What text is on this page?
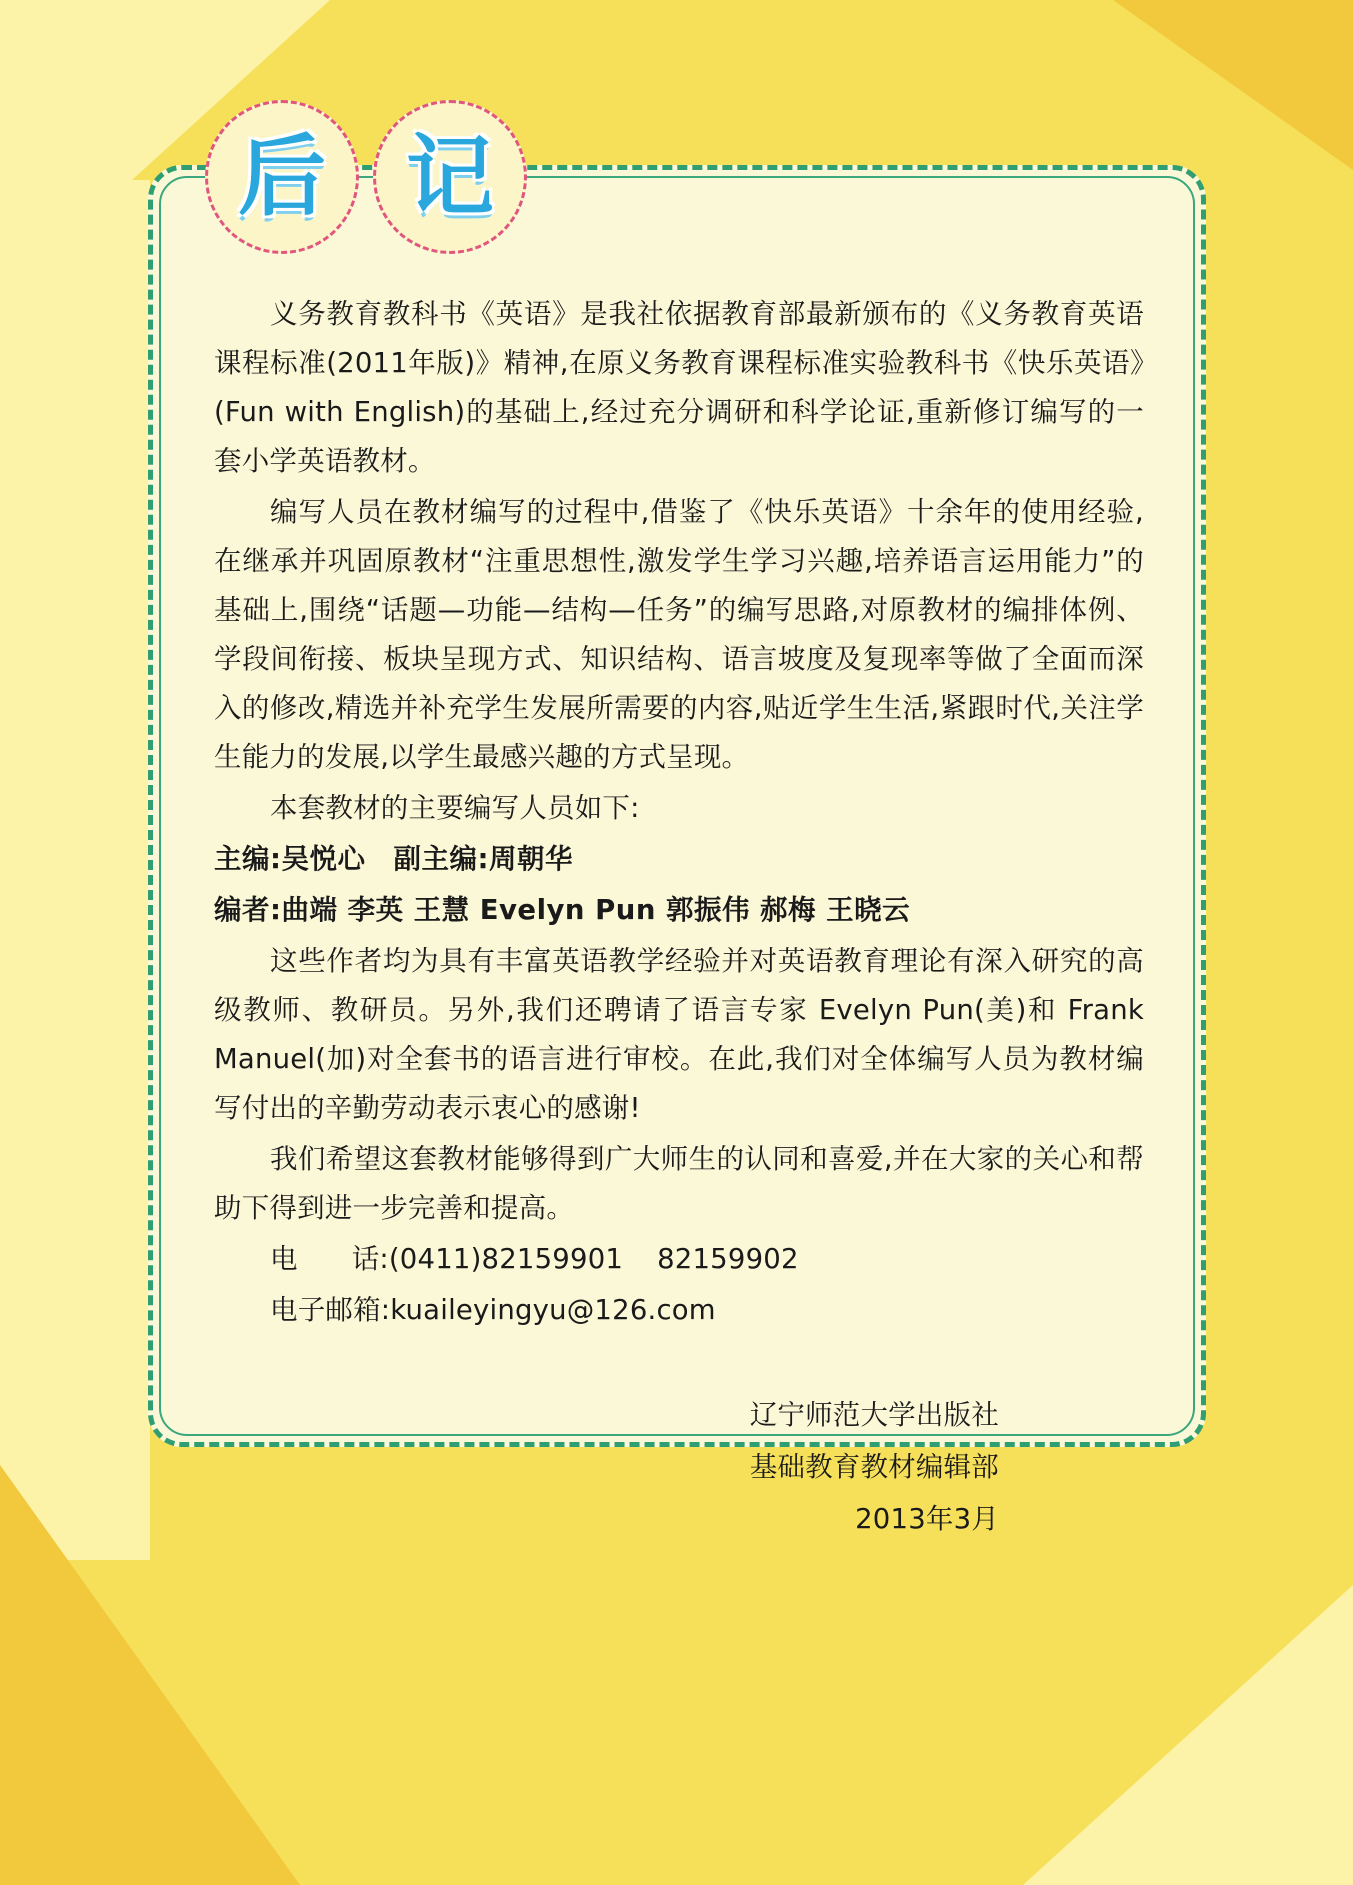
后 记

义务教育教科书《英语》是我社依据教育部最新颁布的《义务教育英语课程标准(2011年版)》精神,在原义务教育课程标准实验教科书《快乐英语》(Fun with English)的基础上,经过充分调研和科学论证,重新修订编写的一套小学英语教材。

编写人员在教材编写的过程中,借鉴了《快乐英语》十余年的使用经验,在继承并巩固原教材“注重思想性,激发学生学习兴趣,培养语言运用能力”的基础上,围绕“话题—功能—结构—任务”的编写思路,对原教材的编排体例、学段间衔接、板块呈现方式、知识结构、语言坡度及复现率等做了全面而深入的修改,精选并补充学生发展所需要的内容,贴近学生生活,紧跟时代,关注学生能力的发展,以学生最感兴趣的方式呈现。

本套教材的主要编写人员如下:

主编:吴悦心　副主编:周朝华

编者:曲端 李英 王慧 Evelyn Pun 郭振伟 郝梅 王晓云

这些作者均为具有丰富英语教学经验并对英语教育理论有深入研究的高级教师、教研员。另外,我们还聘请了语言专家 Evelyn Pun(美)和 Frank Manuel(加)对全套书的语言进行审校。在此,我们对全体编写人员为教材编写付出的辛勤劳动表示衷心的感谢!

我们希望这套教材能够得到广大师生的认同和喜爱,并在大家的关心和帮助下得到进一步完善和提高。

电 话:(0411)82159901 82159902

电子邮箱:kuaileyingyu@126.com

辽宁师范大学出版社
基础教育教材编辑部
2013年3月
